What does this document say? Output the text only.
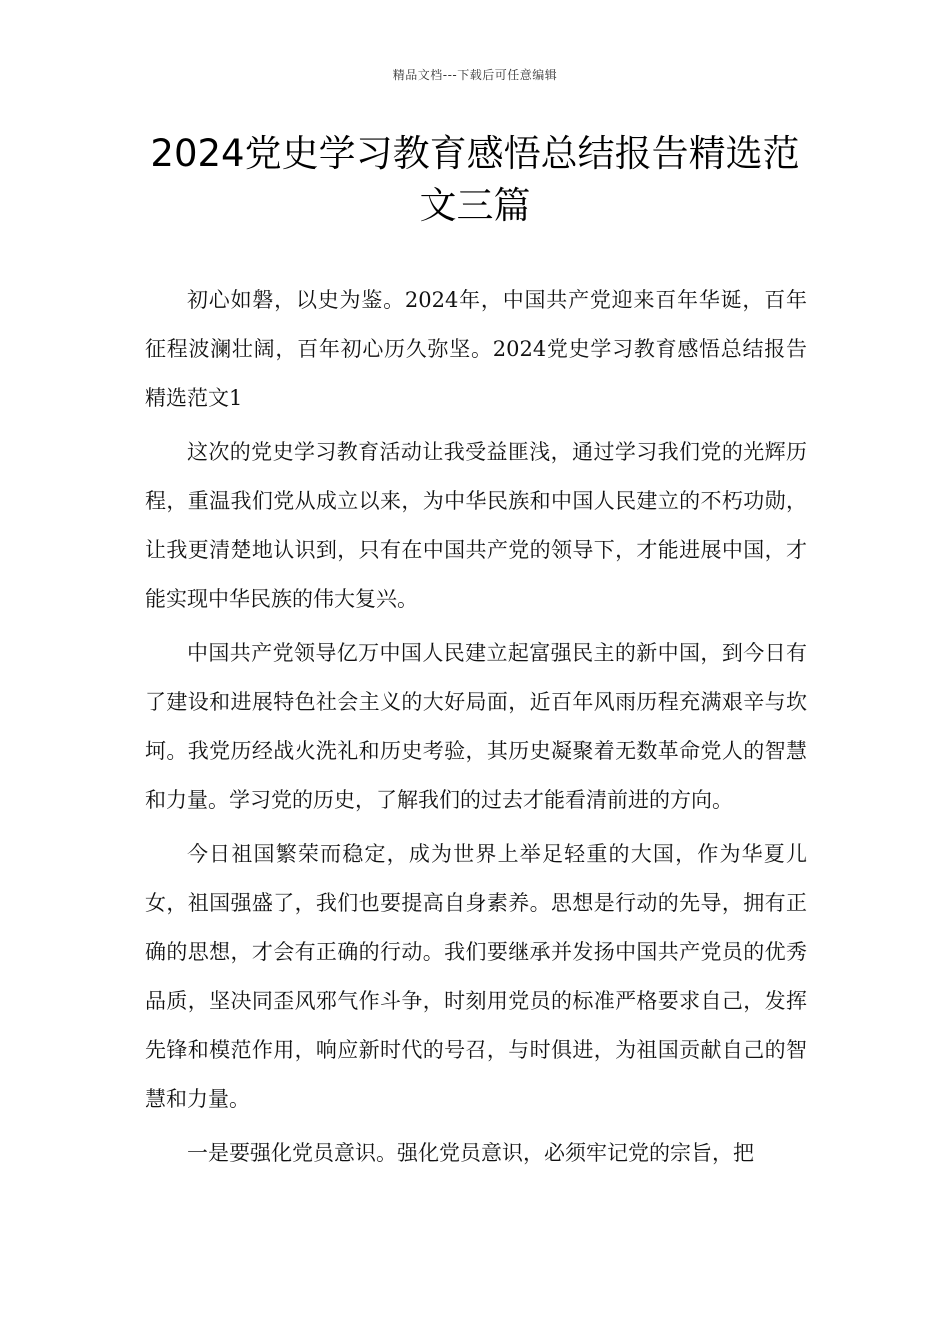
精品文档---下载后可任意编辑
2024党史学习教育感悟总结报告精选范文三篇

初心如磐，以史为鉴。2024年，中国共产党迎来百年华诞，百年征程波澜壮阔，百年初心历久弥坚。2024党史学习教育感悟总结报告精选范文1

这次的党史学习教育活动让我受益匪浅，通过学习我们党的光辉历程，重温我们党从成立以来，为中华民族和中国人民建立的不朽功勋，让我更清楚地认识到，只有在中国共产党的领导下，才能进展中国，才能实现中华民族的伟大复兴。

中国共产党领导亿万中国人民建立起富强民主的新中国，到今日有了建设和进展特色社会主义的大好局面，近百年风雨历程充满艰辛与坎坷。我党历经战火洗礼和历史考验，其历史凝聚着无数革命党人的智慧和力量。学习党的历史，了解我们的过去才能看清前进的方向。

今日祖国繁荣而稳定，成为世界上举足轻重的大国，作为华夏儿女，祖国强盛了，我们也要提高自身素养。思想是行动的先导，拥有正确的思想，才会有正确的行动。我们要继承并发扬中国共产党员的优秀品质，坚决同歪风邪气作斗争，时刻用党员的标准严格要求自己，发挥先锋和模范作用，响应新时代的号召，与时俱进，为祖国贡献自己的智慧和力量。

一是要强化党员意识。强化党员意识，必须牢记党的宗旨，把
